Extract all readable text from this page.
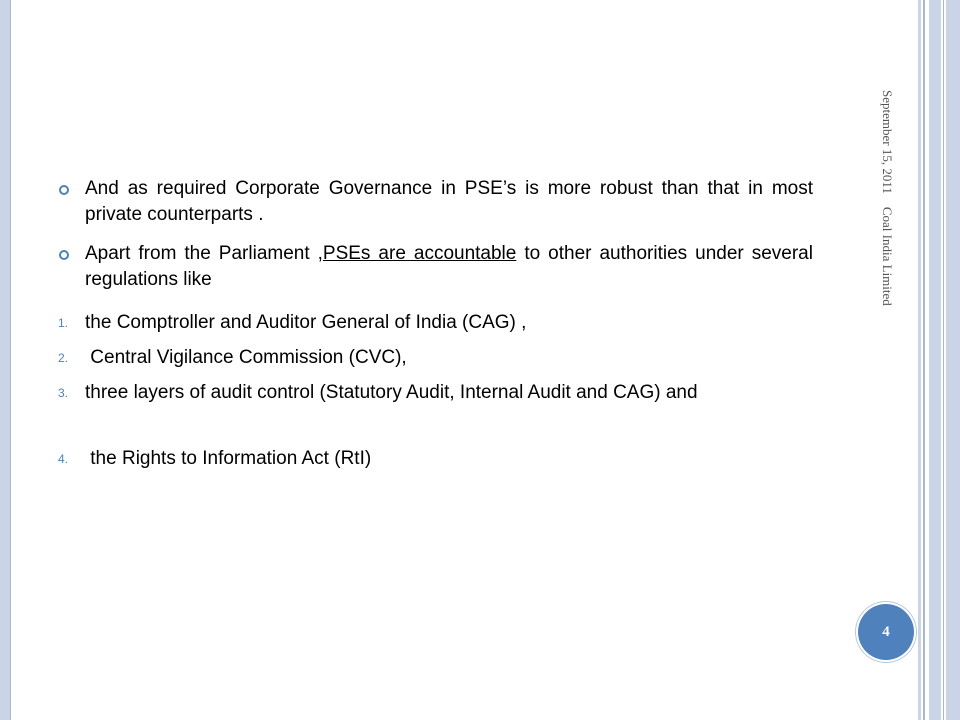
And as required Corporate Governance in PSE’s is more robust than that in most private counterparts .
Apart from the Parliament ,PSEs are accountable to other authorities under several regulations like
1. the Comptroller and Auditor General of India (CAG) ,
2. Central Vigilance Commission (CVC),
3. three layers of audit control (Statutory Audit, Internal Audit and CAG) and
4. the Rights to Information Act (RtI)
September 15, 2011    Coal India Limited
4
